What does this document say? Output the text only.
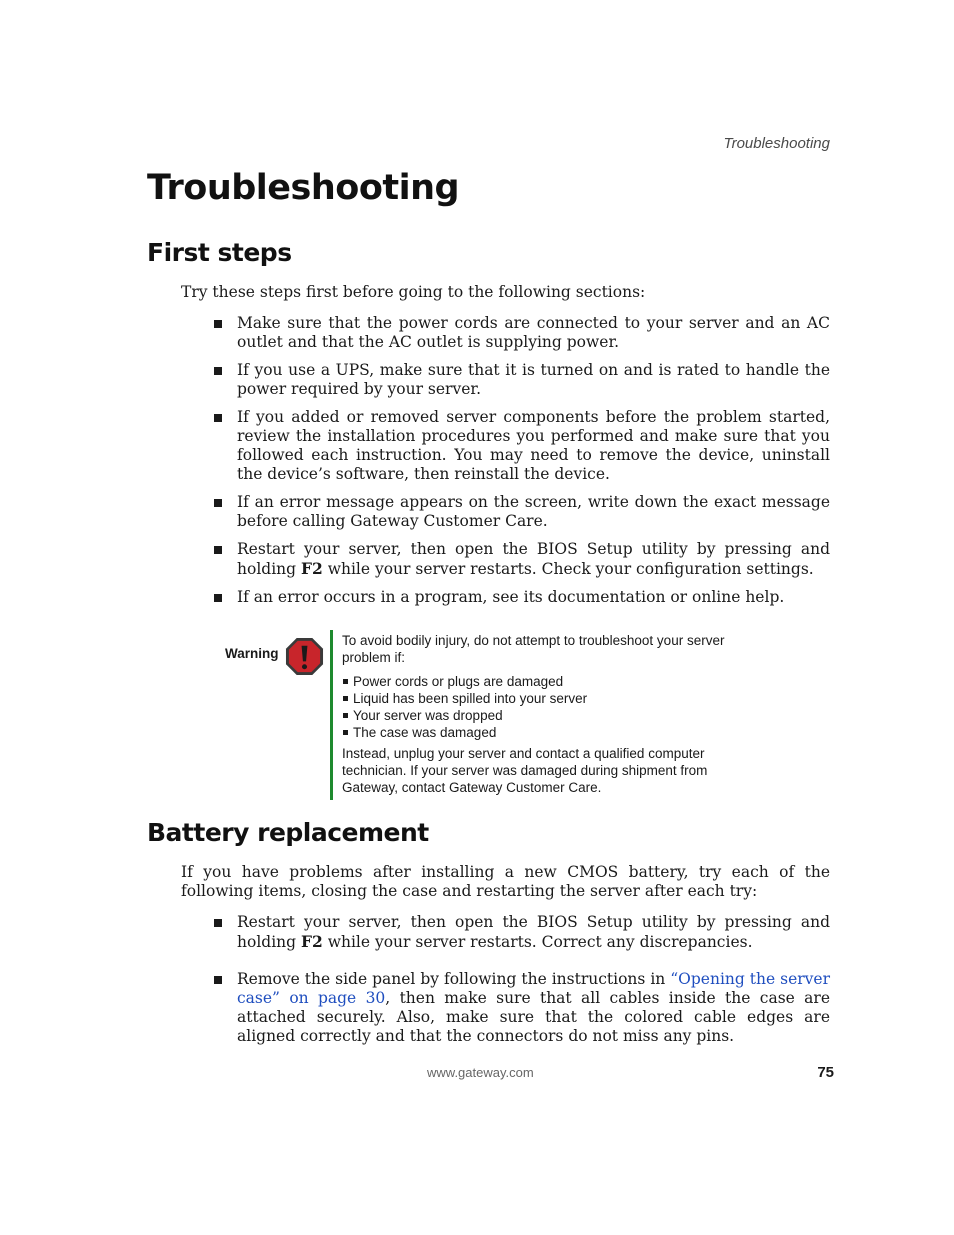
Troubleshooting
Troubleshooting
First steps

Try these steps first before going to the following sections:

Make sure that the power cords are connected to your server and an AC outlet and that the AC outlet is supplying power.
If you use a UPS, make sure that it is turned on and is rated to handle the power required by your server.
If you added or removed server components before the problem started, review the installation procedures you performed and make sure that you followed each instruction. You may need to remove the device, uninstall the device’s software, then reinstall the device.
If an error message appears on the screen, write down the exact message before calling Gateway Customer Care.
Restart your server, then open the BIOS Setup utility by pressing and holding F2 while your server restarts. Check your configuration settings.
If an error occurs in a program, see its documentation or online help.
Warning

To avoid bodily injury, do not attempt to troubleshoot your server problem if:

Power cords or plugs are damaged
Liquid has been spilled into your server
Your server was dropped
The case was damaged

Instead, unplug your server and contact a qualified computer technician. If your server was damaged during shipment from Gateway, contact Gateway Customer Care.

Battery replacement

If you have problems after installing a new CMOS battery, try each of the following items, closing the case and restarting the server after each try:

Restart your server, then open the BIOS Setup utility by pressing and holding F2 while your server restarts. Correct any discrepancies.
Remove the side panel by following the instructions in “Opening the server case” on page 30, then make sure that all cables inside the case are attached securely. Also, make sure that the colored cable edges are aligned correctly and that the connectors do not miss any pins.
www.gateway.com	75
